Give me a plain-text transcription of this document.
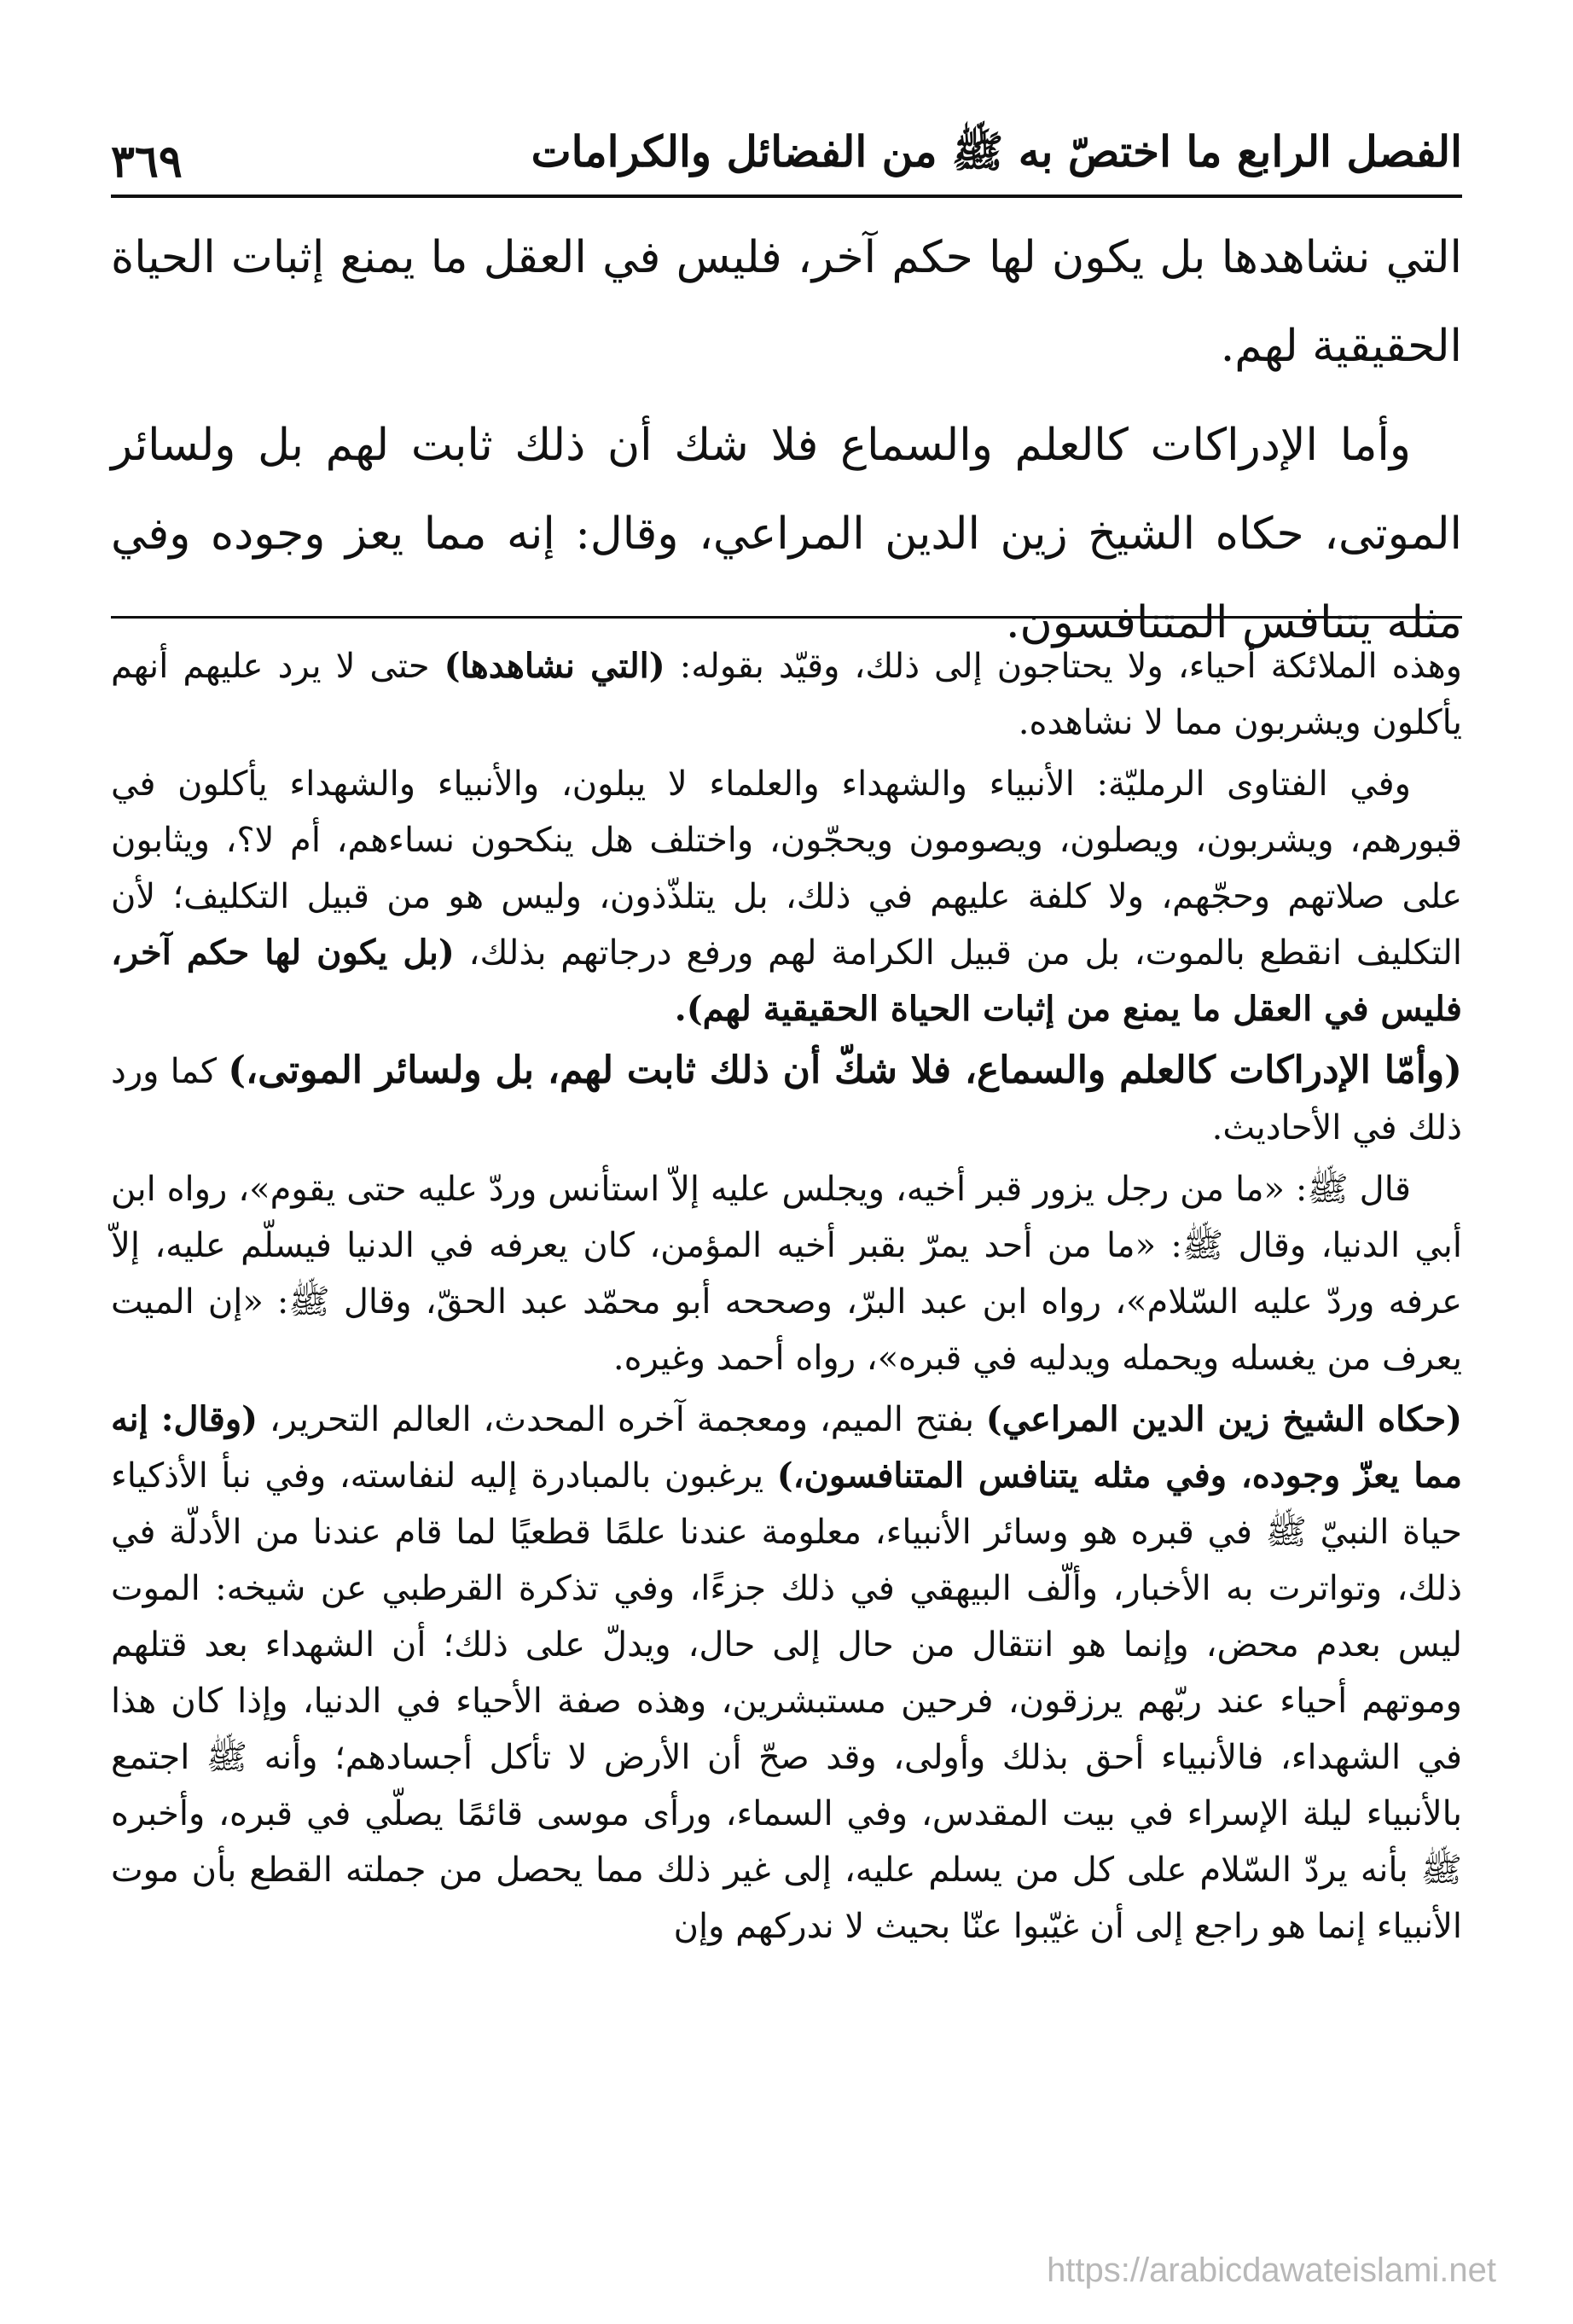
الفصل الرابع ما اختصّ به ﷺ من الفضائل والكرامات
٣٦٩

التي نشاهدها بل يكون لها حكم آخر، فليس في العقل ما يمنع إثبات الحياة الحقيقية لهم.

وأما الإدراكات كالعلم والسماع فلا شك أن ذلك ثابت لهم بل ولسائر الموتى، حكاه الشيخ زين الدين المراعي، وقال: إنه مما يعز وجوده وفي مثله يتنافس المتنافسون.

وهذه الملائكة أحياء، ولا يحتاجون إلى ذلك، وقيّد بقوله: (التي نشاهدها) حتى لا يرد عليهم أنهم يأكلون ويشربون مما لا نشاهده.

وفي الفتاوى الرمليّة: الأنبياء والشهداء والعلماء لا يبلون، والأنبياء والشهداء يأكلون في قبورهم، ويشربون، ويصلون، ويصومون ويحجّون، واختلف هل ينكحون نساءهم، أم لا؟، ويثابون على صلاتهم وحجّهم، ولا كلفة عليهم في ذلك، بل يتلذّذون، وليس هو من قبيل التكليف؛ لأن التكليف انقطع بالموت، بل من قبيل الكرامة لهم ورفع درجاتهم بذلك، (بل يكون لها حكم آخر، فليس في العقل ما يمنع من إثبات الحياة الحقيقية لهم).

(وأمّا الإدراكات كالعلم والسماع، فلا شكّ أن ذلك ثابت لهم، بل ولسائر الموتى،) كما ورد ذلك في الأحاديث.

قال ﷺ: «ما من رجل يزور قبر أخيه، ويجلس عليه إلاّ استأنس وردّ عليه حتى يقوم»، رواه ابن أبي الدنيا، وقال ﷺ: «ما من أحد يمرّ بقبر أخيه المؤمن، كان يعرفه في الدنيا فيسلّم عليه، إلاّ عرفه وردّ عليه السّلام»، رواه ابن عبد البرّ، وصححه أبو محمّد عبد الحقّ، وقال ﷺ: «إن الميت يعرف من يغسله ويحمله ويدليه في قبره»، رواه أحمد وغيره.

(حكاه الشيخ زين الدين المراعي) بفتح الميم، ومعجمة آخره المحدث، العالم التحرير، (وقال: إنه مما يعزّ وجوده، وفي مثله يتنافس المتنافسون،) يرغبون بالمبادرة إليه لنفاسته، وفي نبأ الأذكياء حياة النبيّ ﷺ في قبره هو وسائر الأنبياء، معلومة عندنا علمًا قطعيًا لما قام عندنا من الأدلّة في ذلك، وتواترت به الأخبار، وألّف البيهقي في ذلك جزءًا، وفي تذكرة القرطبي عن شيخه: الموت ليس بعدم محض، وإنما هو انتقال من حال إلى حال، ويدلّ على ذلك؛ أن الشهداء بعد قتلهم وموتهم أحياء عند ربّهم يرزقون، فرحين مستبشرين، وهذه صفة الأحياء في الدنيا، وإذا كان هذا في الشهداء، فالأنبياء أحق بذلك وأولى، وقد صحّ أن الأرض لا تأكل أجسادهم؛ وأنه ﷺ اجتمع بالأنبياء ليلة الإسراء في بيت المقدس، وفي السماء، ورأى موسى قائمًا يصلّي في قبره، وأخبره ﷺ بأنه يردّ السّلام على كل من يسلم عليه، إلى غير ذلك مما يحصل من جملته القطع بأن موت الأنبياء إنما هو راجع إلى أن غيّبوا عنّا بحيث لا ندركهم وإن

https://arabicdawateislami.net
